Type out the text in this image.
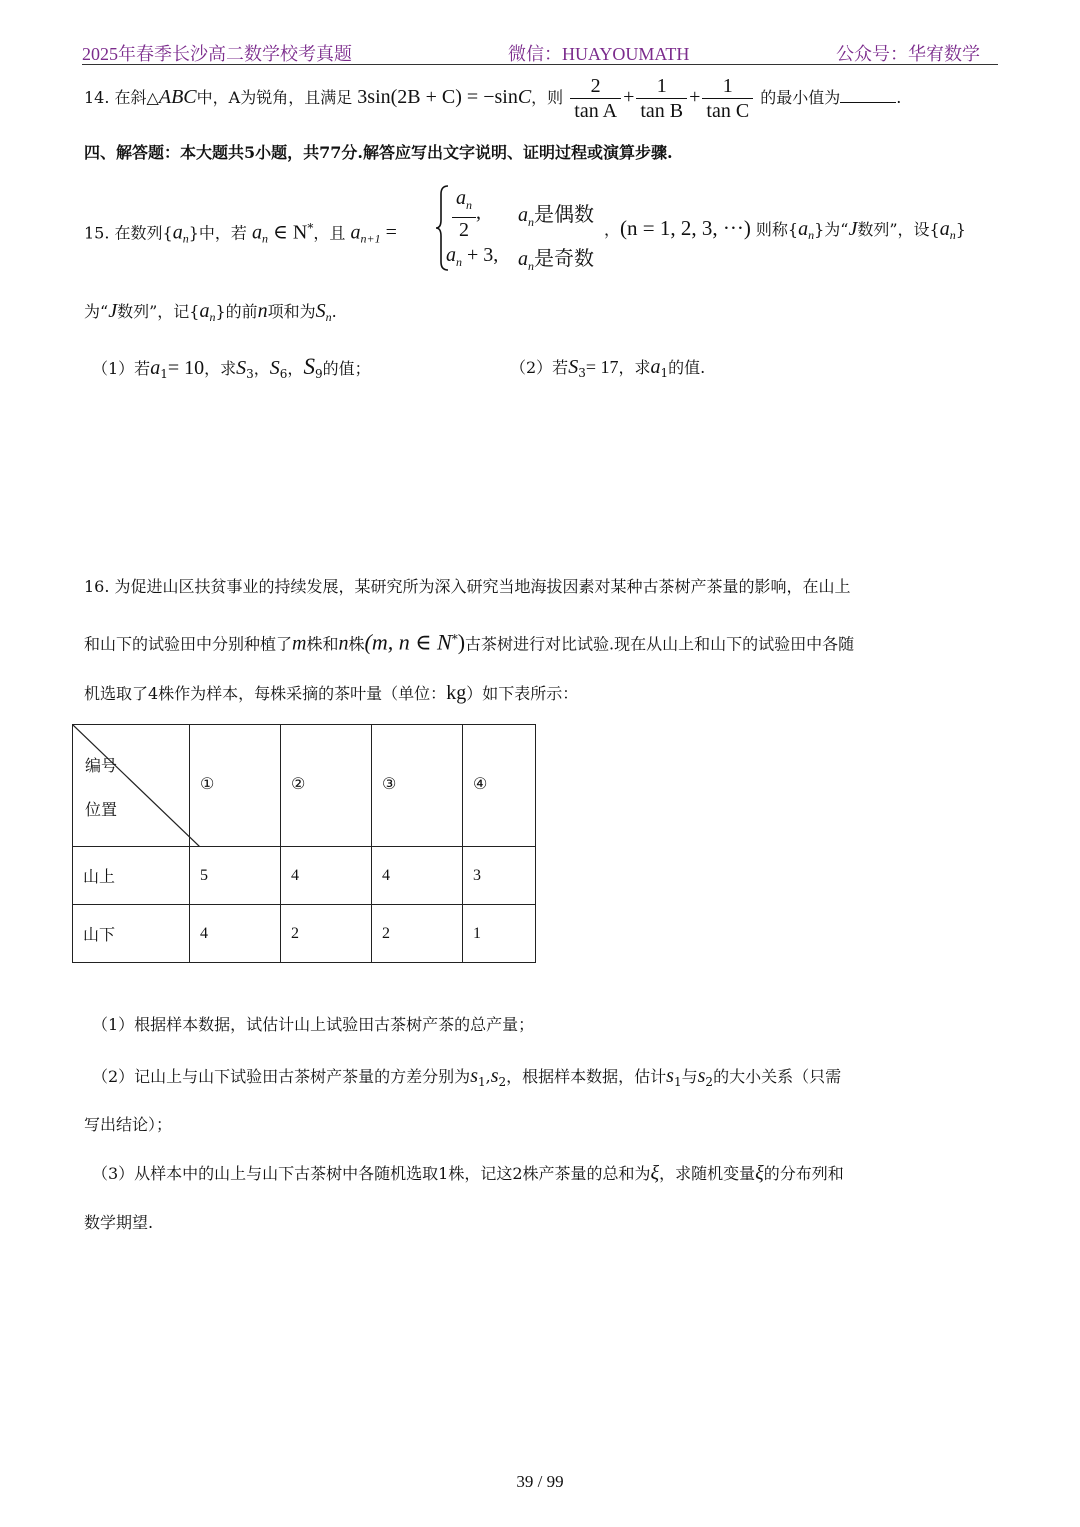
2025年春季长沙高二数学校考真题	微信：HUAYOUMATH	公众号：华宥数学
14. 在斜△ABC中，A为锐角，且满足 3sin(2B + C) = −sinC，则 $\frac{2}{\text{tan A}} + \frac{1}{\text{tan B}} + \frac{1}{\text{tan C}}$ 的最小值为	.
四、解答题：本大题共5小题，共77分.解答应写出文字说明、证明过程或演算步骤.
15. 在数列$\{a_n\}$中，若 $a_n$ ∈ N*，且 $a_{n+1}$ =	$\frac{a_n}{2}$ , $a_n$是偶数
$a_n + 3$, $a_n$是奇数
，(n = 1, 2, 3, ···) 则称$\{a_n\}$为“J数列”，设$\{a_n\}$
为“J数列”，记$\{a_n\}$的前n项和为$S_n$.
（1）若$a_1= 10$，求$S_3$，$S_6$，$S_9$的值；	（2）若$S_3= 17$，求$a_1$的值.
16. 为促进山区扶贫事业的持续发展，某研究所为深入研究当地海拔因素对某种古茶树产茶量的影响，在山上
和山下的试验田中分别种植了m株和n株(m, n ∈ N*)古茶树进行对比试验.现在从山上和山下的试验田中各随
机选取了4株作为样本，每株采摘的茶叶量（单位：kg）如下表所示：
编号
位置	①	②	③	④
山上	5	4	4	3
山下	4	2	2	1
（1）根据样本数据，试估计山上试验田古茶树产茶的总产量；
（2）记山上与山下试验田古茶树产茶量的方差分别为$s_1,s_2$，根据样本数据，估计$s_1$与$s_2$的大小关系（只需
写出结论）；
（3）从样本中的山上与山下古茶树中各随机选取1株，记这2株产茶量的总和为ξ，求随机变量ξ的分布列和
数学期望.
39 / 99
